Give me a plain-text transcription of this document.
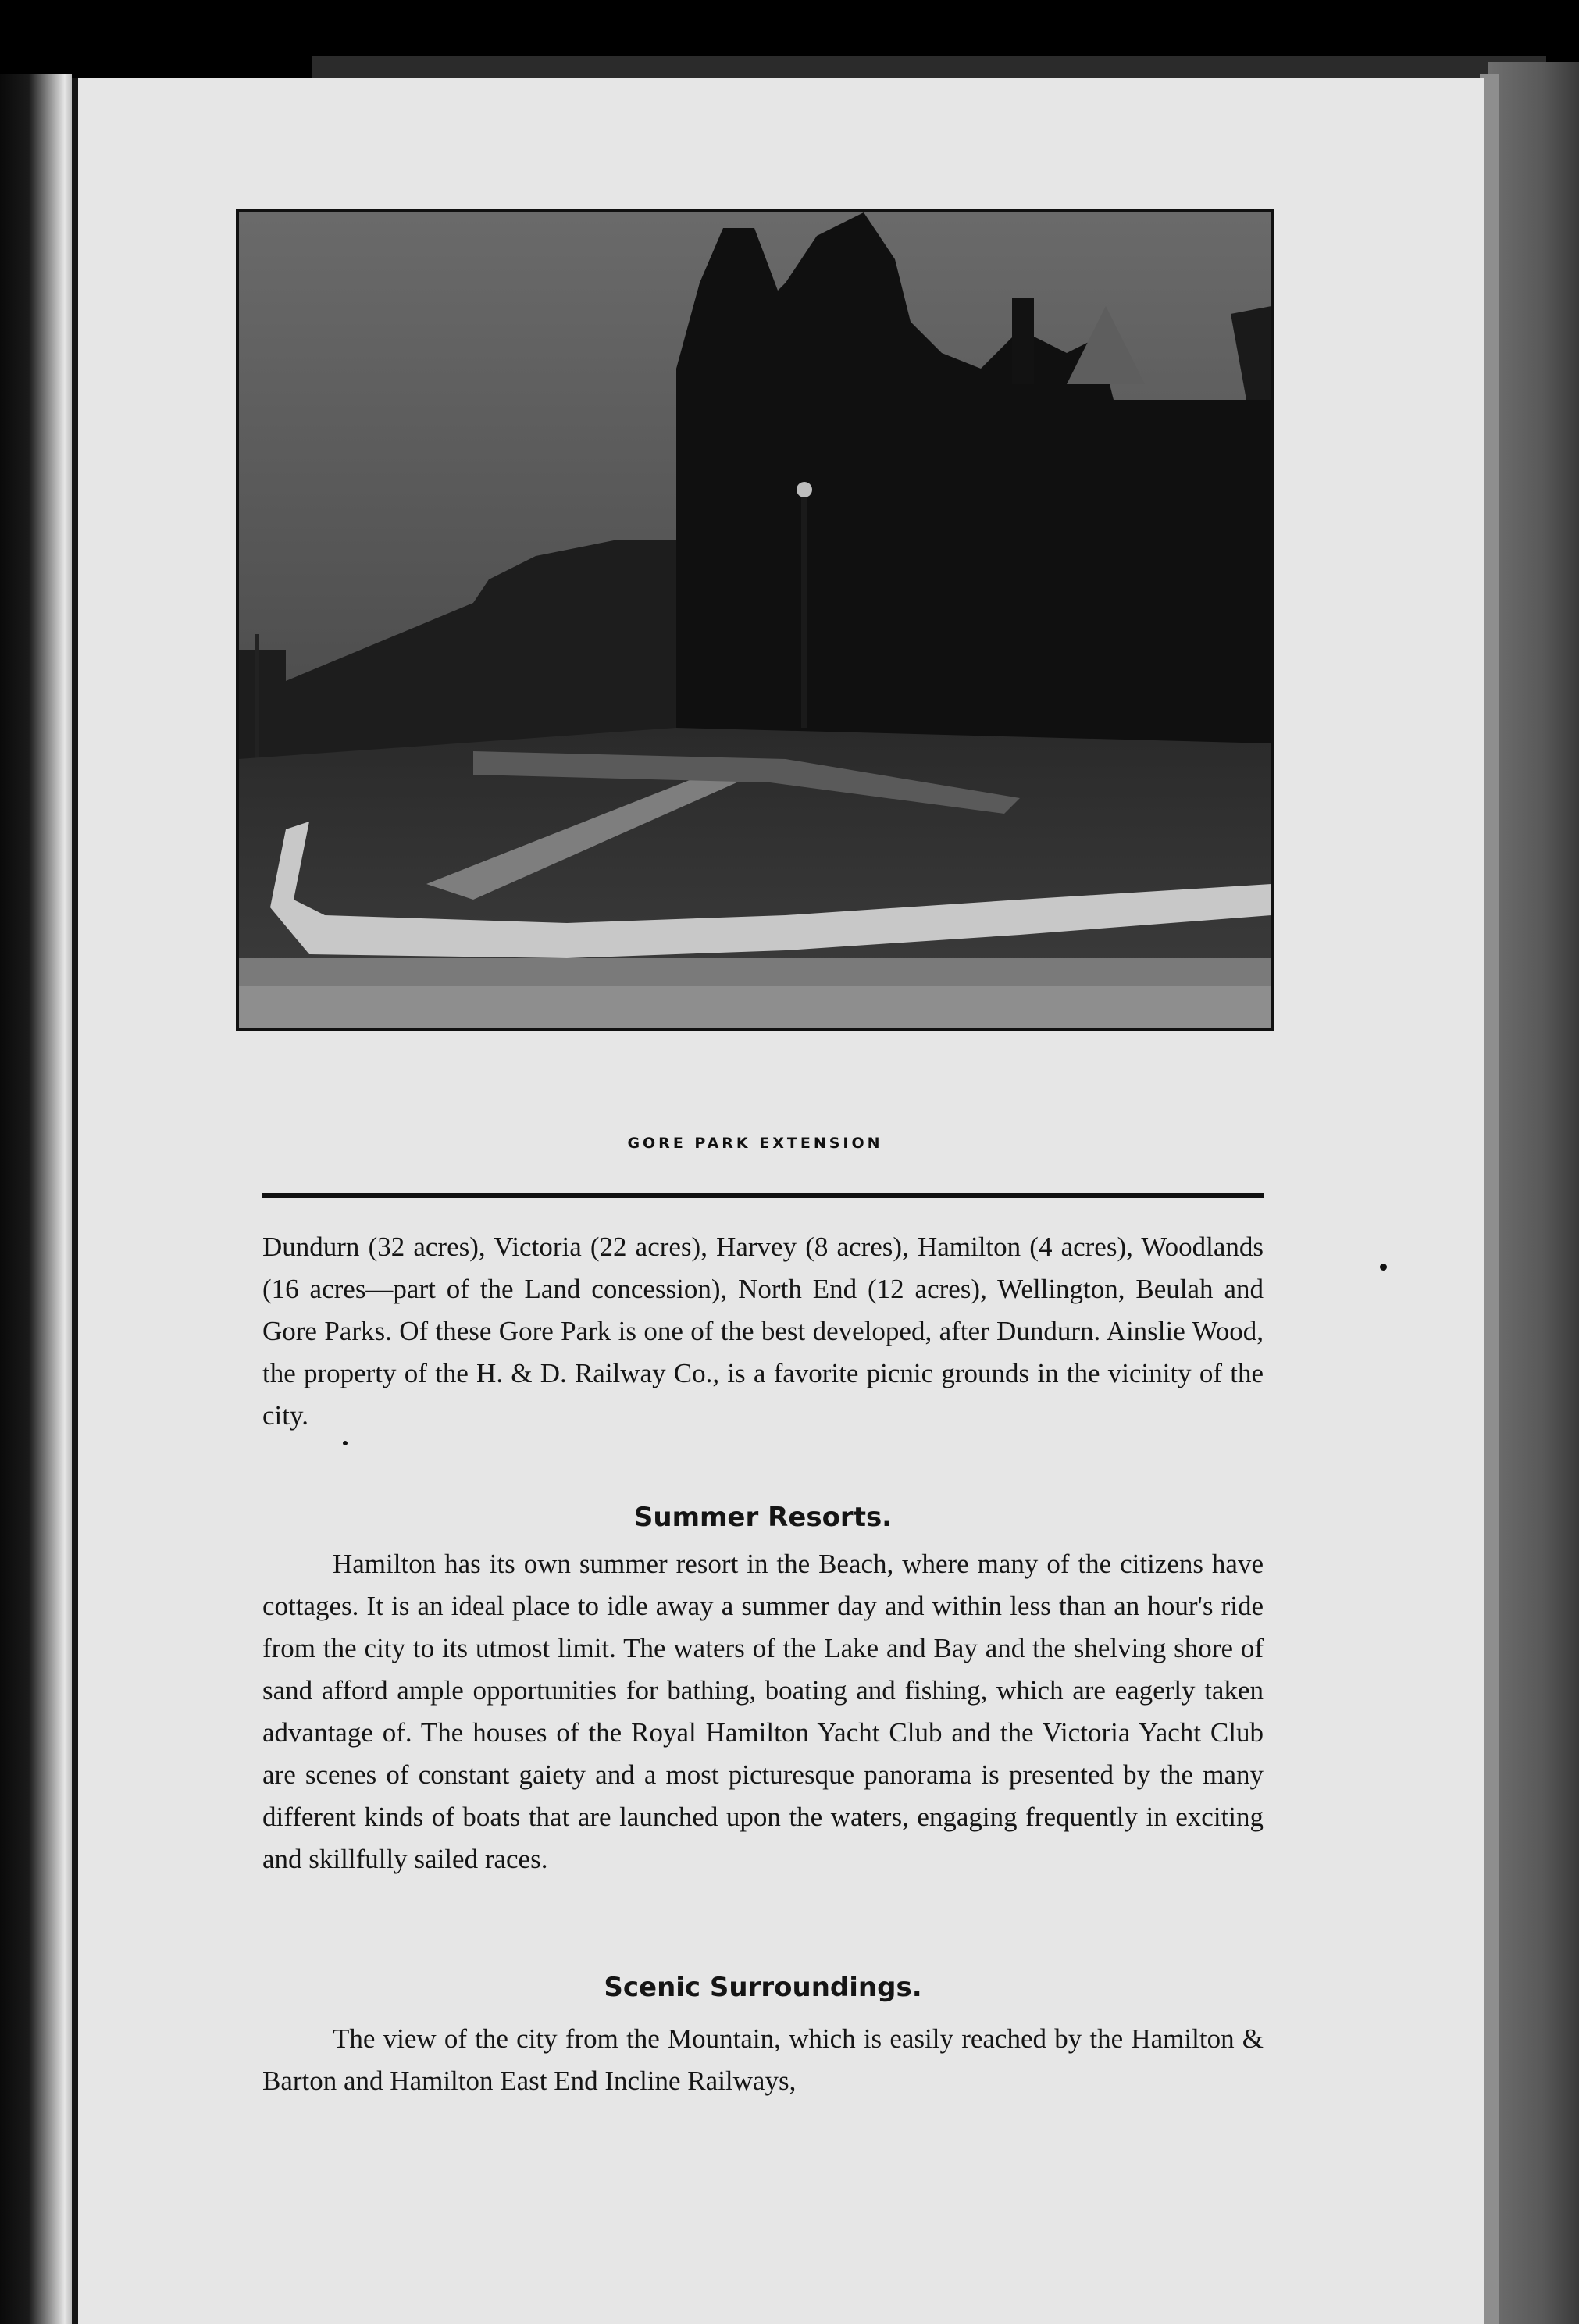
GORE PARK EXTENSION
Dundurn (32 acres), Victoria (22 acres), Harvey (8 acres), Hamilton (4 acres), Woodlands (16 acres—part of the Land concession), North End (12 acres), Wellington, Beulah and Gore Parks. Of these Gore Park is one of the best developed, after Dundurn. Ainslie Wood, the property of the H. & D. Railway Co., is a favorite picnic grounds in the vicinity of the city.
Summer Resorts.
Hamilton has its own summer resort in the Beach, where many of the citizens have cottages. It is an ideal place to idle away a summer day and within less than an hour's ride from the city to its utmost limit. The waters of the Lake and Bay and the shelving shore of sand afford ample opportunities for bathing, boating and fishing, which are eagerly taken advantage of. The houses of the Royal Hamilton Yacht Club and the Victoria Yacht Club are scenes of constant gaiety and a most picturesque panorama is presented by the many different kinds of boats that are launched upon the waters, engaging frequently in exciting and skillfully sailed races.
Scenic Surroundings.
The view of the city from the Mountain, which is easily reached by the Hamilton & Barton and Hamilton East End Incline Railways,
